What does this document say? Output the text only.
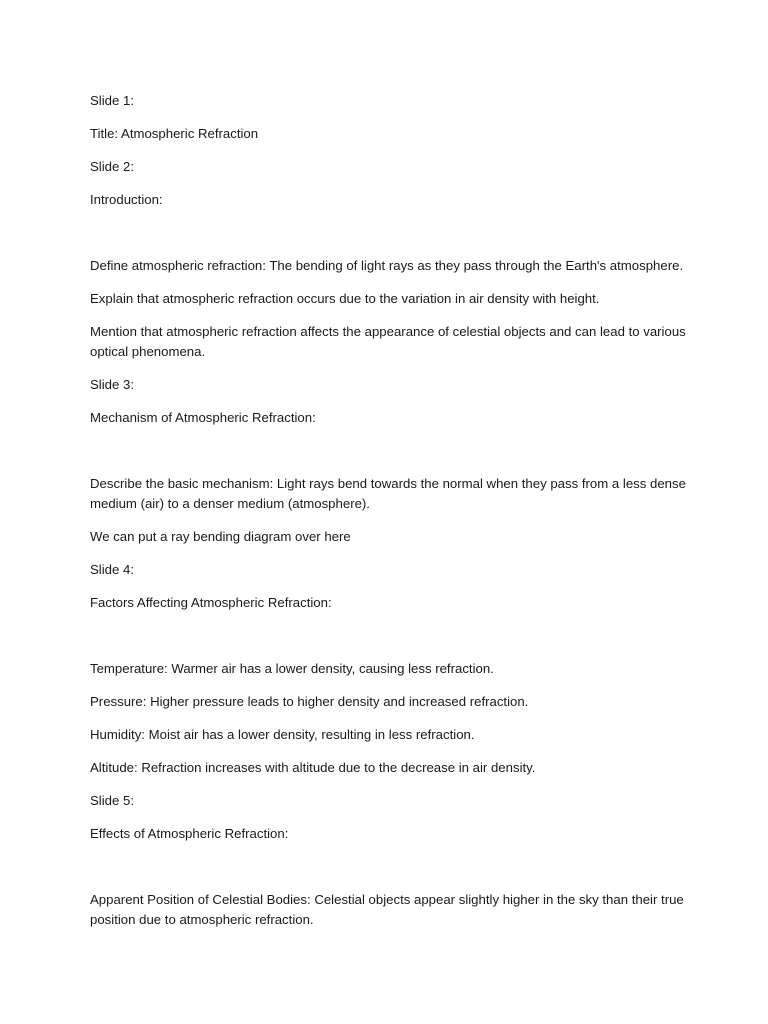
Slide 1:

Title: Atmospheric Refraction

Slide 2:

Introduction:

Define atmospheric refraction: The bending of light rays as they pass through the Earth's atmosphere.

Explain that atmospheric refraction occurs due to the variation in air density with height.

Mention that atmospheric refraction affects the appearance of celestial objects and can lead to various optical phenomena.

Slide 3:

Mechanism of Atmospheric Refraction:

Describe the basic mechanism: Light rays bend towards the normal when they pass from a less dense medium (air) to a denser medium (atmosphere).

We can put a ray bending diagram over here

Slide 4:

Factors Affecting Atmospheric Refraction:

Temperature: Warmer air has a lower density, causing less refraction.

Pressure: Higher pressure leads to higher density and increased refraction.

Humidity: Moist air has a lower density, resulting in less refraction.

Altitude: Refraction increases with altitude due to the decrease in air density.

Slide 5:

Effects of Atmospheric Refraction:

Apparent Position of Celestial Bodies: Celestial objects appear slightly higher in the sky than their true position due to atmospheric refraction.
